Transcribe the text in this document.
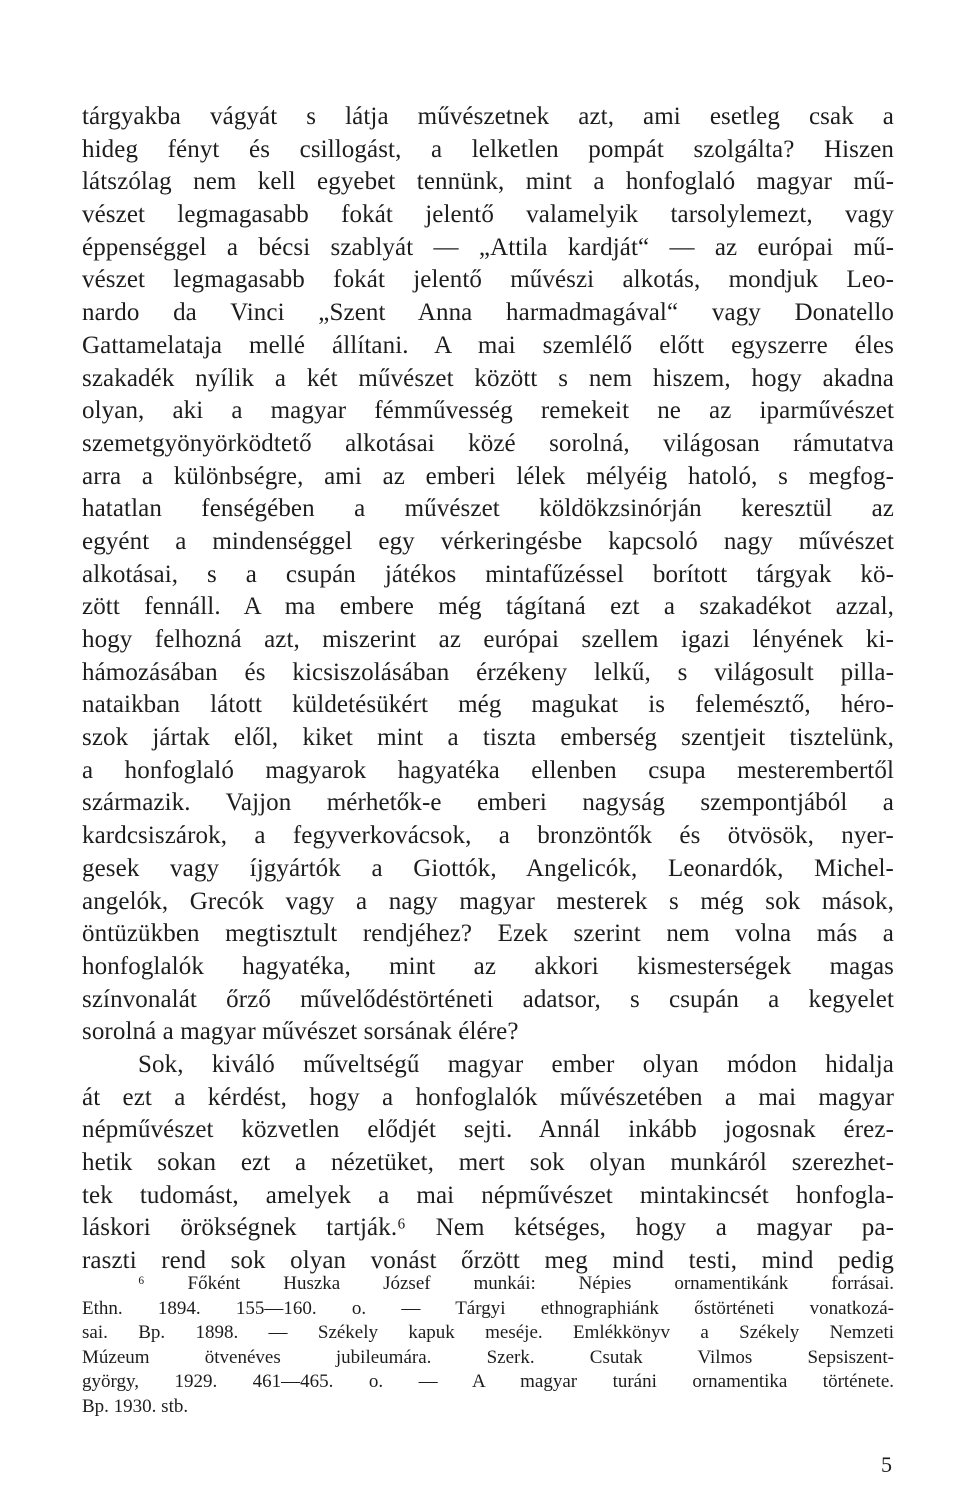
tárgyakba vágyát s látja művészetnek azt, ami esetleg csak a
hideg fényt és csillogást, a lelketlen pompát szolgálta? Hiszen
látszólag nem kell egyebet tennünk, mint a honfoglaló magyar mű-
vészet legmagasabb fokát jelentő valamelyik tarsolylemezt, vagy
éppenséggel a bécsi szablyát — „Attila kardját“ — az európai mű-
vészet legmagasabb fokát jelentő művészi alkotás, mondjuk Leo-
nardo da Vinci „Szent Anna harmadmagával“ vagy Donatello
Gattamelataja mellé állítani. A mai szemlélő előtt egyszerre éles
szakadék nyílik a két művészet között s nem hiszem, hogy akadna
olyan, aki a magyar fémművesség remekeit ne az iparművészet
szemetgyönyörködtető alkotásai közé sorolná, világosan rámutatva
arra a különbségre, ami az emberi lélek mélyéig hatoló, s megfog-
hatatlan fenségében a művészet köldökzsinórján keresztül az
egyént a mindenséggel egy vérkeringésbe kapcsoló nagy művészet
alkotásai, s a csupán játékos mintafűzéssel borított tárgyak kö-
zött fennáll. A ma embere még tágítaná ezt a szakadékot azzal,
hogy felhozná azt, miszerint az európai szellem igazi lényének ki-
hámozásában és kicsiszolásában érzékeny lelkű, s világosult pilla-
nataikban látott küldetésükért még magukat is felemésztő, héro-
szok jártak elől, kiket mint a tiszta emberség szentjeit tisztelünk,
a honfoglaló magyarok hagyatéka ellenben csupa mesterembertől
származik. Vajjon mérhetők-e emberi nagyság szempontjából a
kardcsiszárok, a fegyverkovácsok, a bronzöntők és ötvösök, nyer-
gesek vagy íjgyártók a Giottók, Angelicók, Leonardók, Michel-
angelók, Grecók vagy a nagy magyar mesterek s még sok mások,
öntüzükben megtisztult rendjéhez? Ezek szerint nem volna más a
honfoglalók hagyatéka, mint az akkori kismesterségek magas
színvonalát őrző művelődéstörténeti adatsor, s csupán a kegyelet
sorolná a magyar művészet sorsának élére?
Sok, kiváló műveltségű magyar ember olyan módon hidalja
át ezt a kérdést, hogy a honfoglalók művészetében a mai magyar
népművészet közvetlen elődjét sejti. Annál inkább jogosnak érez-
hetik sokan ezt a nézetüket, mert sok olyan munkáról szerezhet-
tek tudomást, amelyek a mai népművészet mintakincsét honfogla-
láskori örökségnek tartják.⁶ Nem kétséges, hogy a magyar pa-
raszti rend sok olyan vonást őrzött meg mind testi, mind pedig
⁶ Főként Huszka József munkái: Népies ornamentikánk forrásai.
Ethn. 1894. 155—160. o. — Tárgyi ethnographiánk őstörténeti vonatkozá-
sai. Bp. 1898. — Székely kapuk meséje. Emlékkönyv a Székely Nemzeti
Múzeum ötvenéves jubileumára. Szerk. Csutak Vilmos Sepsiszent-
györgy, 1929. 461—465. o. — A magyar turáni ornamentika története.
Bp. 1930. stb.
5
